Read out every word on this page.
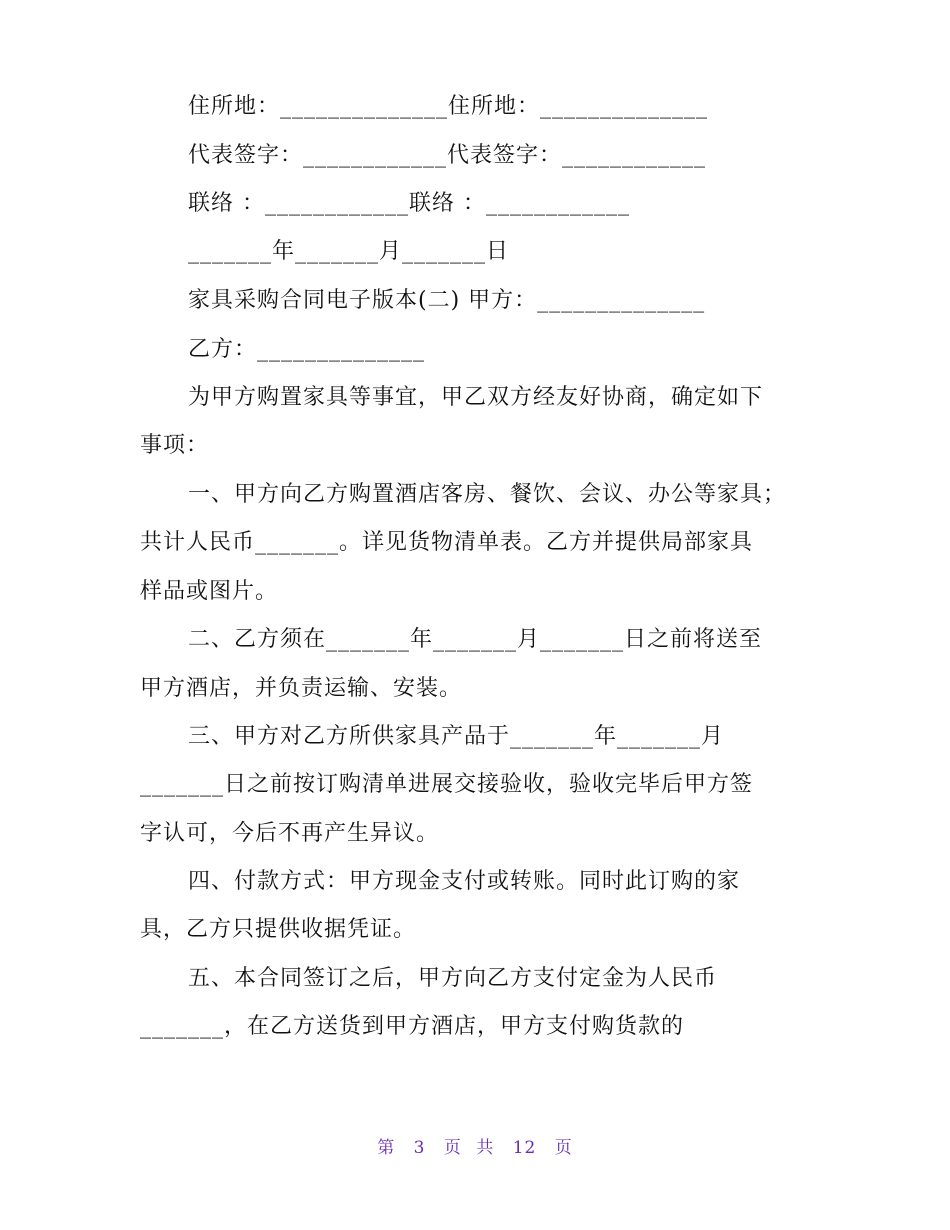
住所地：______________住所地：______________
代表签字：____________代表签字：____________
联络 ：____________联络 ：____________
_______年_______月_______日
家具采购合同电子版本(二) 甲方：______________
乙方：______________
为甲方购置家具等事宜，甲乙双方经友好协商，确定如下
事项：
一、甲方向乙方购置酒店客房、餐饮、会议、办公等家具；
共计人民币_______。详见货物清单表。乙方并提供局部家具
样品或图片。
二、乙方须在_______年_______月_______日之前将送至
甲方酒店，并负责运输、安装。
三、甲方对乙方所供家具产品于_______年_______月
_______日之前按订购清单进展交接验收，验收完毕后甲方签
字认可，今后不再产生异议。
四、付款方式：甲方现金支付或转账。同时此订购的家
具，乙方只提供收据凭证。
五、本合同签订之后，甲方向乙方支付定金为人民币
_______，在乙方送货到甲方酒店，甲方支付购货款的
第 3 页 共 12 页
